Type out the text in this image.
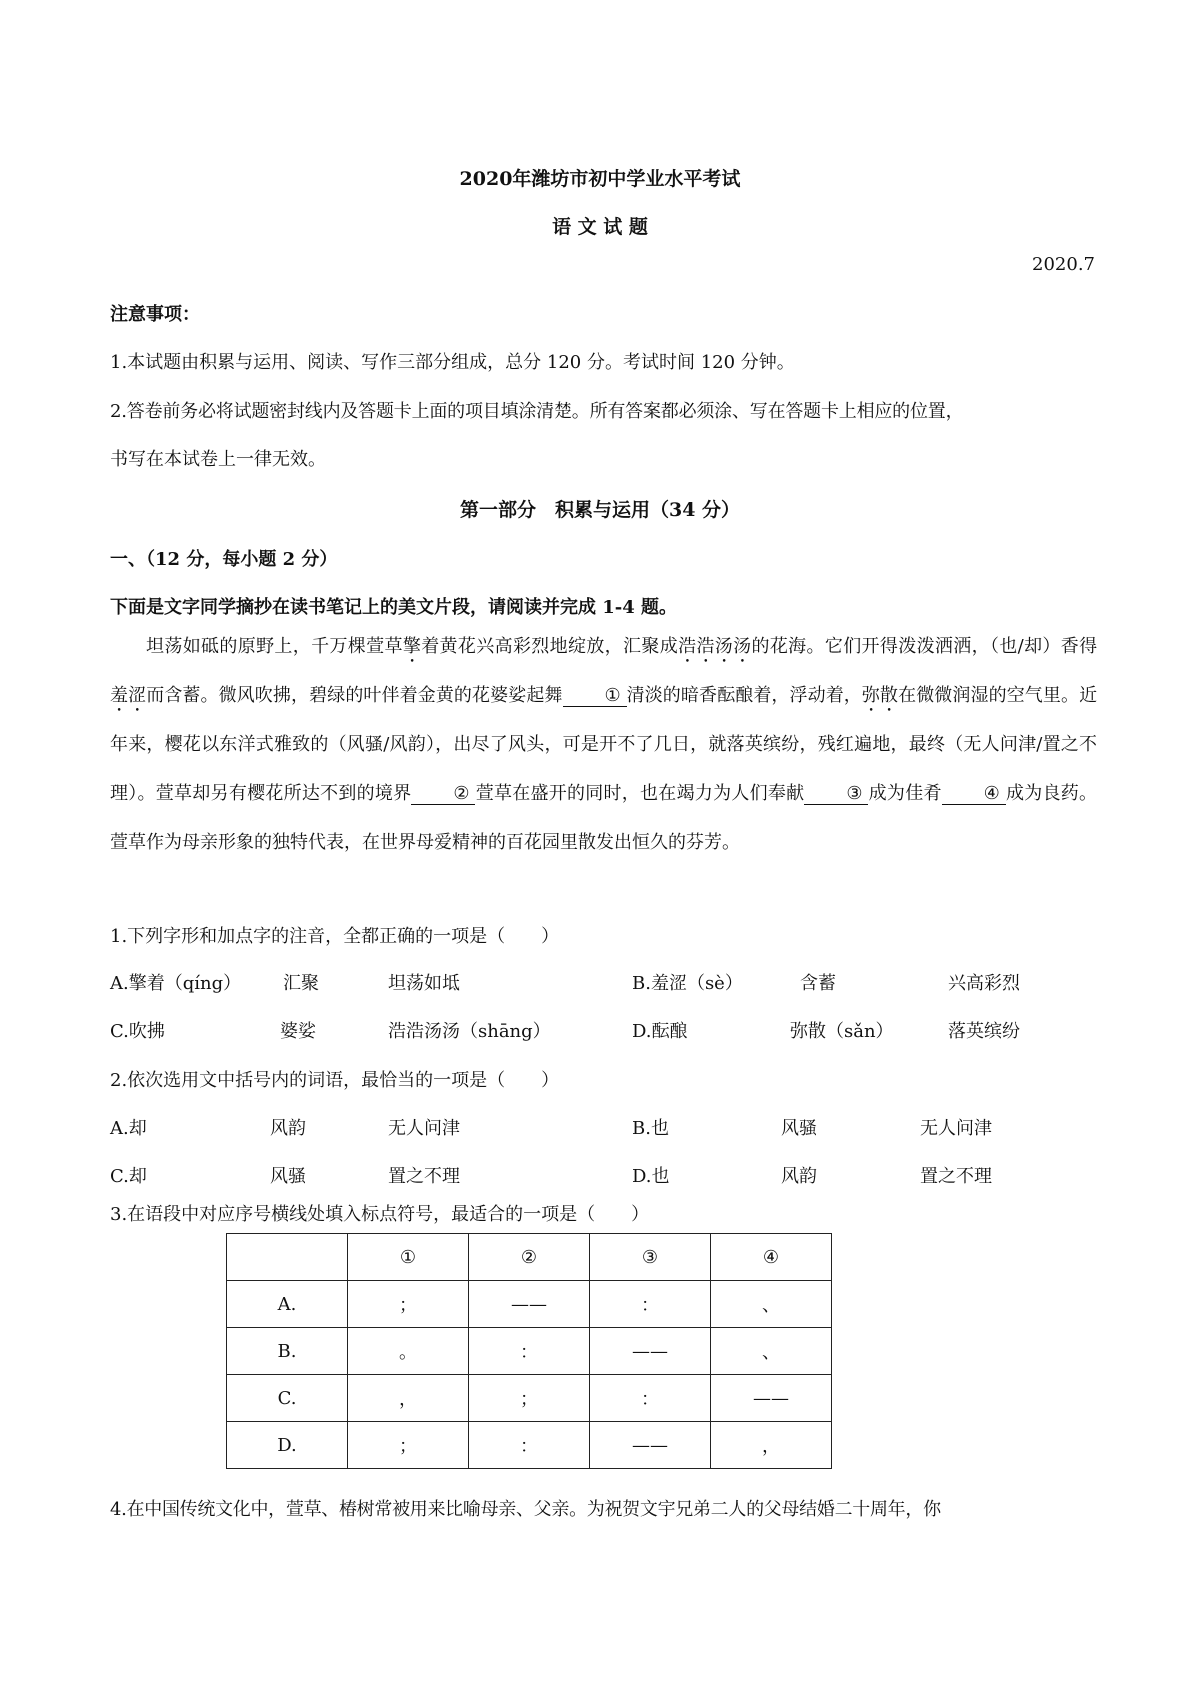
2020年潍坊市初中学业水平考试
语 文 试 题
2020.7
注意事项：
1.本试题由积累与运用、阅读、写作三部分组成，总分 120 分。考试时间 120 分钟。
2.答卷前务必将试题密封线内及答题卡上面的项目填涂清楚。所有答案都必须涂、写在答题卡上相应的位置，
书写在本试卷上一律无效。
第一部分　积累与运用（34 分）
一、（12 分，每小题 2 分）
下面是文字同学摘抄在读书笔记上的美文片段，请阅读并完成 1-4 题。

坦荡如砥的原野上，千万棵萱草擎着黄花兴高彩烈地绽放，汇聚成浩浩汤汤的花海。它们开得泼泼洒洒，（也/却）香得羞涩而含蓄。微风吹拂，碧绿的叶伴着金黄的花婆娑起舞 ① 清淡的暗香酝酿着，浮动着，弥散在微微润湿的空气里。近年来，樱花以东洋式雅致的（风骚/风韵），出尽了风头，可是开不了几日，就落英缤纷，残红遍地，最终（无人问津/置之不理）。萱草却另有樱花所达不到的境界 ② 萱草在盛开的同时，也在竭力为人们奉献 ③ 成为佳肴 ④ 成为良药。萱草作为母亲形象的独特代表，在世界母爱精神的百花园里散发出恒久的芬芳。

1.下列字形和加点字的注音，全都正确的一项是（　　）
A.擎着（qíng） 汇聚	坦荡如坻	B.羞涩（sè）	含蓄	兴高彩烈
C.吹拂	婆娑	浩浩汤汤（shāng）	D.酝酿	弥散（sǎn）	落英缤纷
2.依次选用文中括号内的词语，最恰当的一项是（　　）
A.却	风韵	无人问津	B.也	风骚	无人问津
C.却	风骚	置之不理	D.也	风韵	置之不理
3.在语段中对应序号横线处填入标点符号，最适合的一项是（　　）
	①	②	③	④
A.	；	——	：	、
B.	。	：	——	、
C.	，	；	：	——
D.	；	：	——	，
4.在中国传统文化中，萱草、椿树常被用来比喻母亲、父亲。为祝贺文宇兄弟二人的父母结婚二十周年，你
